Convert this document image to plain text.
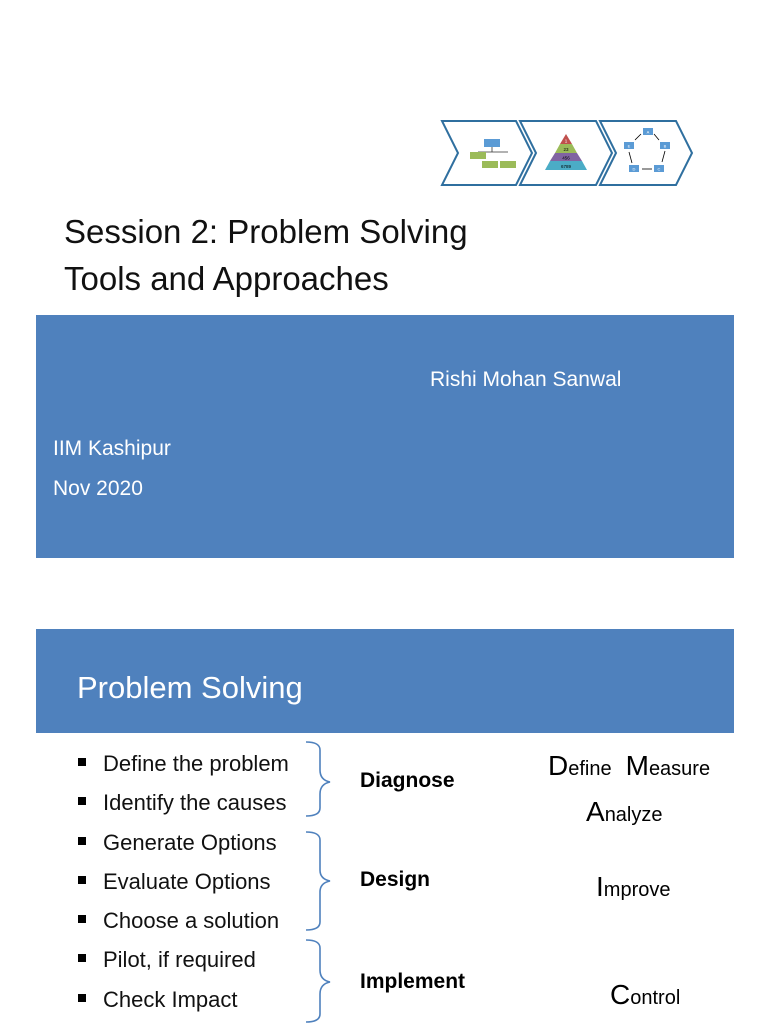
1
23
456
6789
A
B
C
D
E
Session 2: Problem Solving
Tools and Approaches
Rishi Mohan Sanwal
IIM Kashipur
Nov 2020
Problem Solving
Define the problem
Identify the causes
Generate Options
Evaluate Options
Choose a solution
Pilot, if required
Check Impact
Diagnose
Design
Implement
Define Measure
Analyze
Improve
Control
